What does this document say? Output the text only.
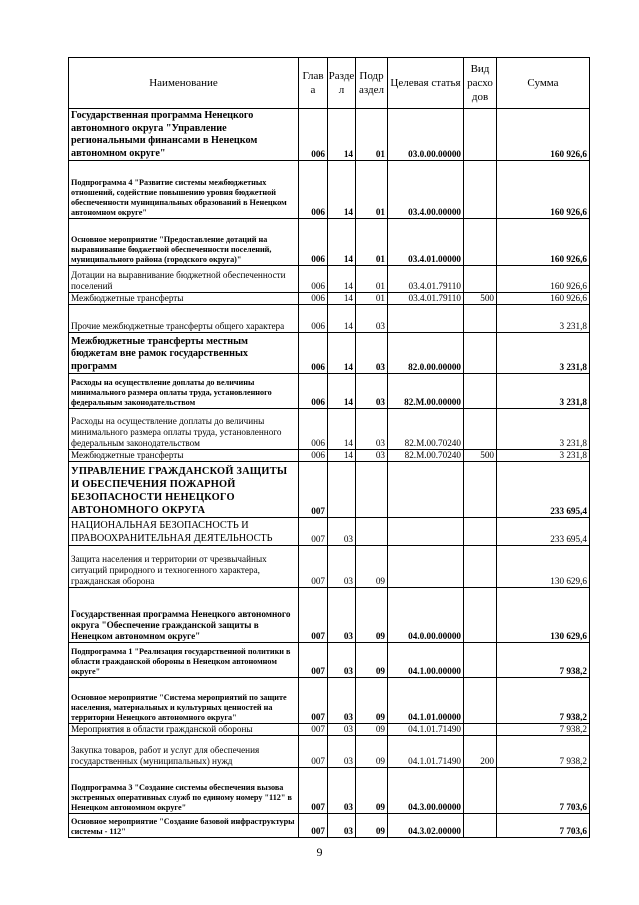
Наименование	Глав а	Разде л	Подр аздел	Целевая статья	Вид расхо дов	Сумма
Государственная программа Ненецкого автономного округа "Управление региональными финансами в Ненецком автономном округе"	006	14	01	03.0.00.00000		160 926,6
Подпрограмма 4 "Развитие системы межбюджетных отношений, содействие повышению уровня бюджетной обеспеченности муниципальных образований в Ненецком автономном округе"	006	14	01	03.4.00.00000		160 926,6
Основное мероприятие "Предоставление дотаций на выравнивание бюджетной обеспеченности поселений, муниципального района (городского округа)"	006	14	01	03.4.01.00000		160 926,6
Дотации на выравнивание бюджетной обеспеченности поселений	006	14	01	03.4.01.79110		160 926,6
Межбюджетные трансферты	006	14	01	03.4.01.79110	500	160 926,6
Прочие межбюджетные трансферты общего характера	006	14	03			3 231,8
Межбюджетные трансферты местным бюджетам вне рамок государственных программ	006	14	03	82.0.00.00000		3 231,8
Расходы на осуществление доплаты до величины минимального размера оплаты труда, установленного федеральным законодательством	006	14	03	82.М.00.00000		3 231,8
Расходы на осуществление доплаты до величины минимального размера оплаты труда, установленного федеральным законодательством	006	14	03	82.М.00.70240		3 231,8
Межбюджетные трансферты	006	14	03	82.М.00.70240	500	3 231,8
УПРАВЛЕНИЕ ГРАЖДАНСКОЙ ЗАЩИТЫ И ОБЕСПЕЧЕНИЯ ПОЖАРНОЙ БЕЗОПАСНОСТИ НЕНЕЦКОГО АВТОНОМНОГО ОКРУГА	007					233 695,4
НАЦИОНАЛЬНАЯ БЕЗОПАСНОСТЬ И ПРАВООХРАНИТЕЛЬНАЯ ДЕЯТЕЛЬНОСТЬ	007	03				233 695,4
Защита населения и территории от чрезвычайных ситуаций природного и техногенного характера, гражданская оборона	007	03	09			130 629,6
Государственная программа Ненецкого автономного округа "Обеспечение гражданской защиты в Ненецком автономном округе"	007	03	09	04.0.00.00000		130 629,6
Подпрограмма 1 "Реализация государственной политики в области гражданской обороны в Ненецком автономном округе"	007	03	09	04.1.00.00000		7 938,2
Основное мероприятие "Система мероприятий по защите населения, материальных и культурных ценностей на территории Ненецкого автономного округа"	007	03	09	04.1.01.00000		7 938,2
Мероприятия в области гражданской обороны	007	03	09	04.1.01.71490		7 938,2
Закупка товаров, работ и услуг для обеспечения государственных (муниципальных) нужд	007	03	09	04.1.01.71490	200	7 938,2
Подпрограмма 3 "Создание системы обеспечения вызова экстренных оперативных служб по единому номеру "112" в Ненецком автономном округе"	007	03	09	04.3.00.00000		7 703,6
Основное мероприятие "Создание базовой инфраструктуры системы - 112"	007	03	09	04.3.02.00000		7 703,6
9
